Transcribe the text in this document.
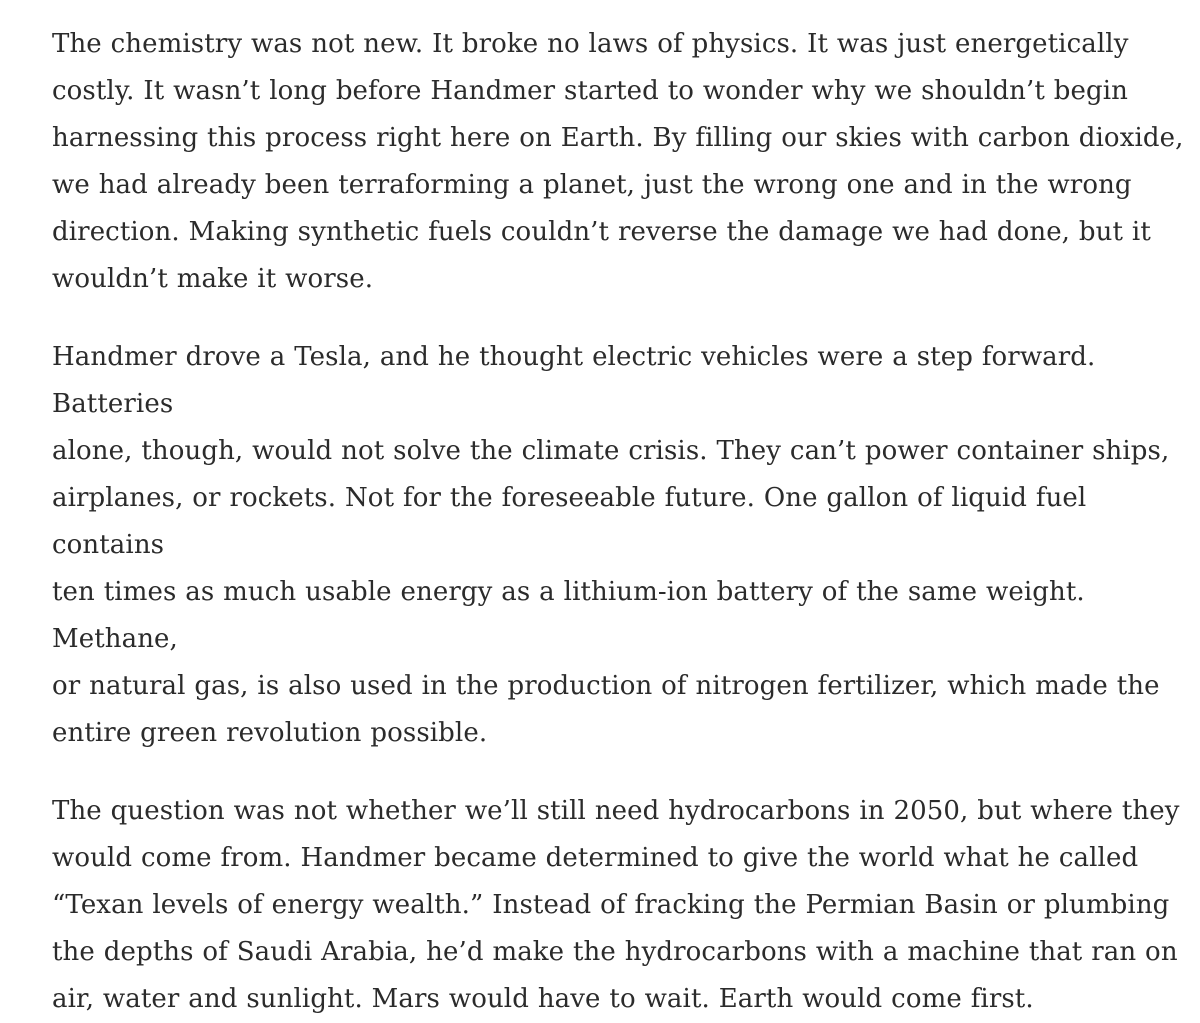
The chemistry was not new. It broke no laws of physics. It was just energetically
costly. It wasn’t long before Handmer started to wonder why we shouldn’t begin
harnessing this process right here on Earth. By filling our skies with carbon dioxide,
we had already been terraforming a planet, just the wrong one and in the wrong
direction. Making synthetic fuels couldn’t reverse the damage we had done, but it
wouldn’t make it worse.

Handmer drove a Tesla, and he thought electric vehicles were a step forward. Batteries
alone, though, would not solve the climate crisis. They can’t power container ships,
airplanes, or rockets. Not for the foreseeable future. One gallon of liquid fuel contains
ten times as much usable energy as a lithium-ion battery of the same weight. Methane,
or natural gas, is also used in the production of nitrogen fertilizer, which made the
entire green revolution possible.

The question was not whether we’ll still need hydrocarbons in 2050, but where they
would come from. Handmer became determined to give the world what he called
“Texan levels of energy wealth.” Instead of fracking the Permian Basin or plumbing
the depths of Saudi Arabia, he’d make the hydrocarbons with a machine that ran on
air, water and sunlight. Mars would have to wait. Earth would come first.
